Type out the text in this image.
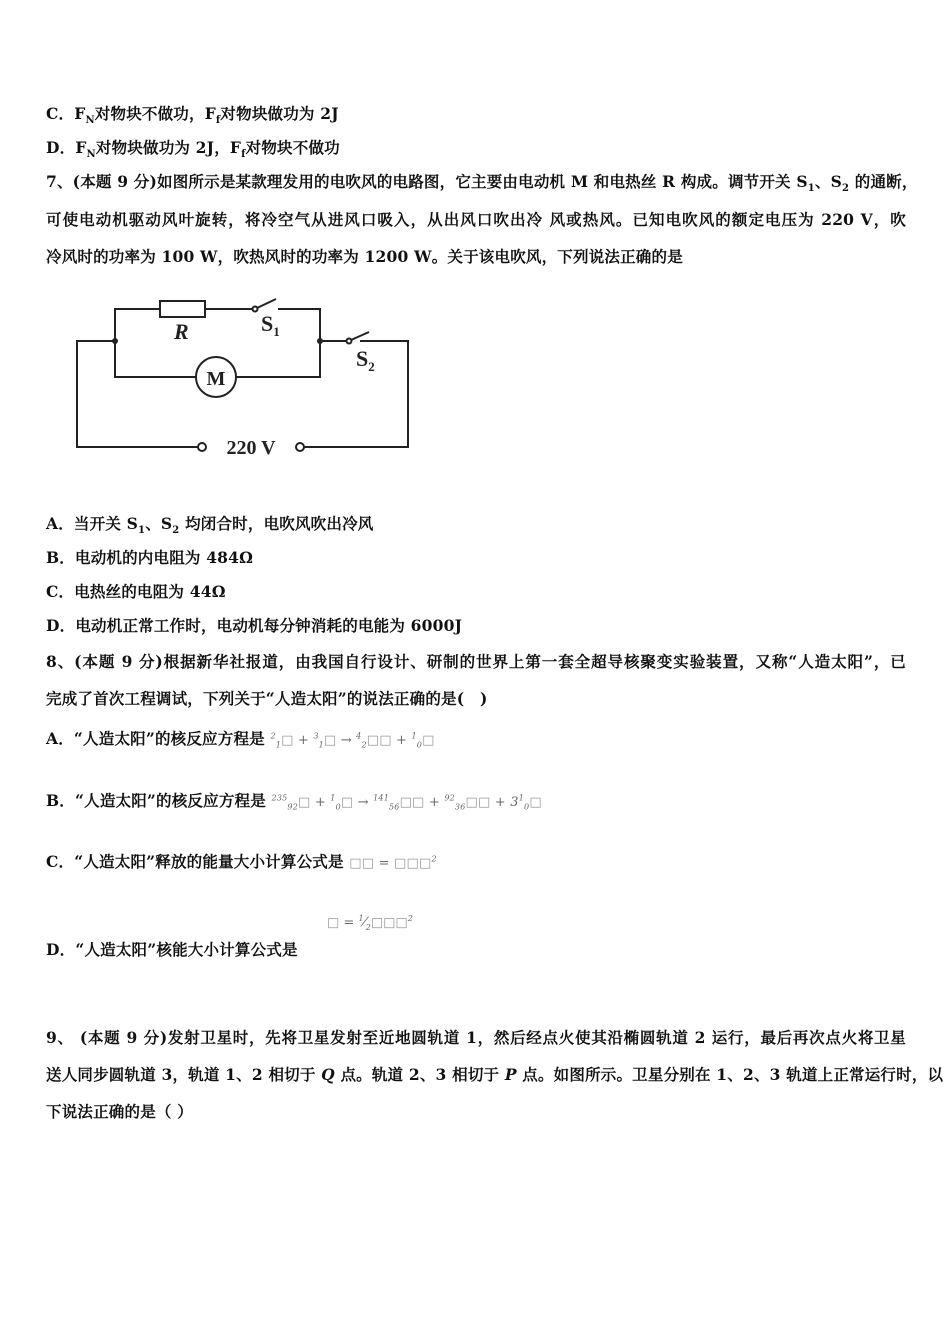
C．$F_N$对物块不做功，$F_f$对物块做功为 2J
D．$F_N$对物块做功为 2J，$F_f$对物块不做功
7、(本题 9 分)如图所示是某款理发用的电吹风的电路图，它主要由电动机 M 和电热丝 R 构成。调节开关 $S_1$、$S_2$ 的通断，
可使电动机驱动风叶旋转，将冷空气从进风口吸入，从出风口吹出冷 风或热风。已知电吹风的额定电压为 220 V，吹
冷风时的功率为 100 W，吹热风时的功率为 1200 W。关于该电吹风，下列说法正确的是
R	$S_1$
$S_2$
M
220 V
A．当开关 $S_1$、$S_2$ 均闭合时，电吹风吹出冷风
B．电动机的内电阻为 484Ω
C．电热丝的电阻为 44Ω
D．电动机正常工作时，电动机每分钟消耗的电能为 6000J
8、(本题 9 分)根据新华社报道，由我国自行设计、研制的世界上第一套全超导核聚变实验装置，又称“人造太阳”，已
完成了首次工程调试，下列关于“人造太阳”的说法正确的是(　)
A．“人造太阳”的核反应方程是 $^2_1$□ + $^3_1$□ → $^4_2$□□ + $^1_0$□
B．“人造太阳”的核反应方程是 $^{235}_{92}$□ + $^1_0$□ → $^{141}_{56}$□□ + $^{92}_{36}$□□ + $3^1_0□$
C．“人造太阳”释放的能量大小计算公式是 □□ = □□□$^2$
D．“人造太阳”核能大小计算公式是
□ = $^1⁄_2□□□^2$
9、 (本题 9 分)发射卫星时，先将卫星发射至近地圆轨道 1，然后经点火使其沿椭圆轨道 2 运行，最后再次点火将卫星
送人同步圆轨道 3，轨道 1、2 相切于 Q 点。轨道 2、3 相切于 P 点。如图所示。卫星分别在 1、2、3 轨道上正常运行时，以
下说法正确的是（ ）
